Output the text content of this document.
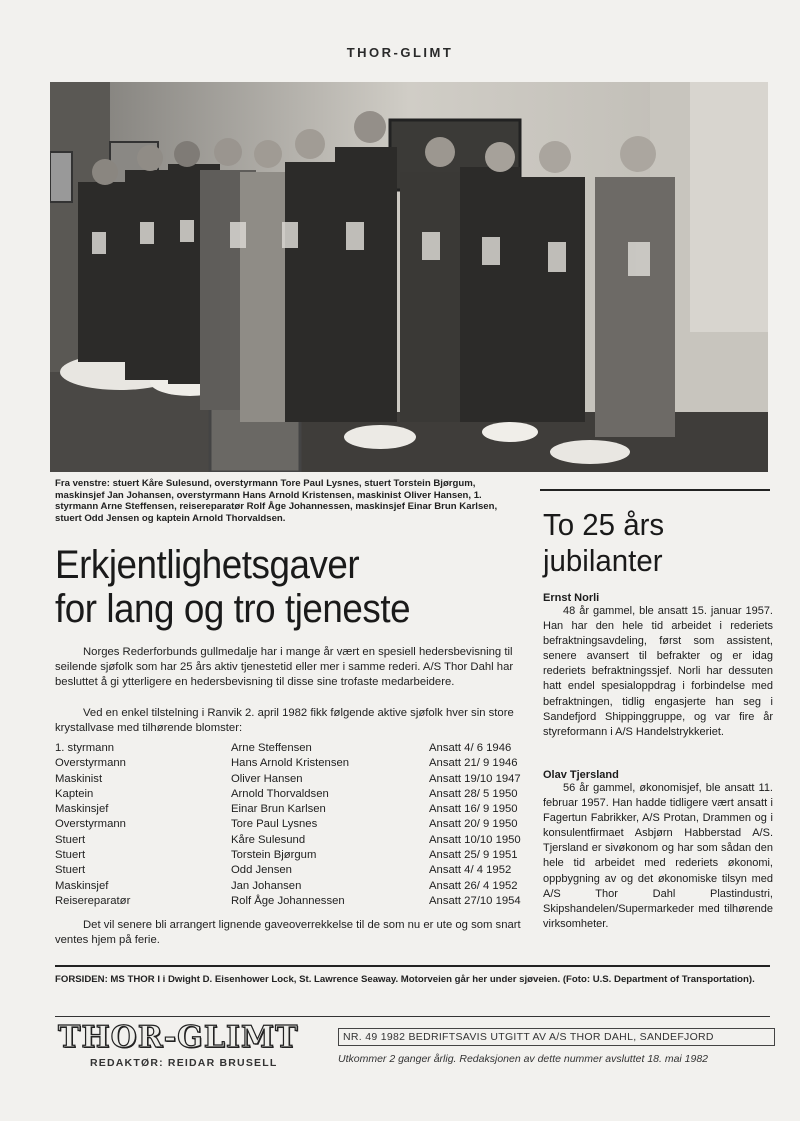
THOR-GLIMT
Fra venstre: stuert Kåre Sulesund, overstyrmann Tore Paul Lysnes, stuert Torstein Bjørgum, maskinsjef Jan Johansen, overstyrmann Hans Arnold Kristensen, maskinist Oliver Hansen, 1. styrmann Arne Steffensen, reisereparatør Rolf Åge Johannessen, maskinsjef Einar Brun Karlsen, stuert Odd Jensen og kaptein Arnold Thorvaldsen.
Erkjentlighetsgaver
for lang og tro tjeneste
Norges Rederforbunds gullmedalje har i mange år vært en spesiell hedersbevisning til seilende sjøfolk som har 25 års aktiv tjenestetid eller mer i samme rederi. A/S Thor Dahl har besluttet å gi ytterligere en hedersbevisning til disse sine trofaste medarbeidere.
Ved en enkel tilstelning i Ranvik 2. april 1982 fikk følgende aktive sjøfolk hver sin store krystallvase med tilhørende blomster:
1. styrmann	Arne Steffensen	Ansatt 4/ 6 1946
Overstyrmann	Hans Arnold Kristensen	Ansatt 21/ 9 1946
Maskinist	Oliver Hansen	Ansatt 19/10 1947
Kaptein	Arnold Thorvaldsen	Ansatt 28/ 5 1950
Maskinsjef	Einar Brun Karlsen	Ansatt 16/ 9 1950
Overstyrmann	Tore Paul Lysnes	Ansatt 20/ 9 1950
Stuert	Kåre Sulesund	Ansatt 10/10 1950
Stuert	Torstein Bjørgum	Ansatt 25/ 9 1951
Stuert	Odd Jensen	Ansatt 4/ 4 1952
Maskinsjef	Jan Johansen	Ansatt 26/ 4 1952
Reisereparatør	Rolf Åge Johannessen	Ansatt 27/10 1954
Det vil senere bli arrangert lignende gaveoverrekkelse til de som nu er ute og som snart ventes hjem på ferie.
To 25 års
jubilanter
Ernst Norli

48 år gammel, ble ansatt 15. januar 1957. Han har den hele tid arbeidet i rederiets befraktningsavdeling, først som assistent, senere avansert til befrakter og er idag rederiets befraktningssjef. Norli har dessuten hatt endel spesialoppdrag i forbindelse med befraktningen, tidlig engasjerte han seg i Sandefjord Shippinggruppe, og var fire år styreformann i A/S Handelstrykkeriet.

Olav Tjersland

56 år gammel, økonomisjef, ble ansatt 11. februar 1957. Han hadde tidligere vært ansatt i Fagertun Fabrikker, A/S Protan, Drammen og i konsulentfirmaet Asbjørn Habberstad A/S. Tjersland er sivøkonom og har som sådan den hele tid arbeidet med rederiets økonomi, oppbygning av og det økonomiske tilsyn med A/S Thor Dahl Plastindustri, Skipshandelen/Supermarkeder med tilhørende virksomheter.

FORSIDEN: MS THOR I i Dwight D. Eisenhower Lock, St. Lawrence Seaway. Motorveien går her under sjøveien. (Foto: U.S. Department of Transportation).
THOR-GLIMT
REDAKTØR: REIDAR BRUSELL
NR. 49 1982 BEDRIFTSAVIS UTGITT AV A/S THOR DAHL, SANDEFJORD
Utkommer 2 ganger årlig. Redaksjonen av dette nummer avsluttet 18. mai 1982
